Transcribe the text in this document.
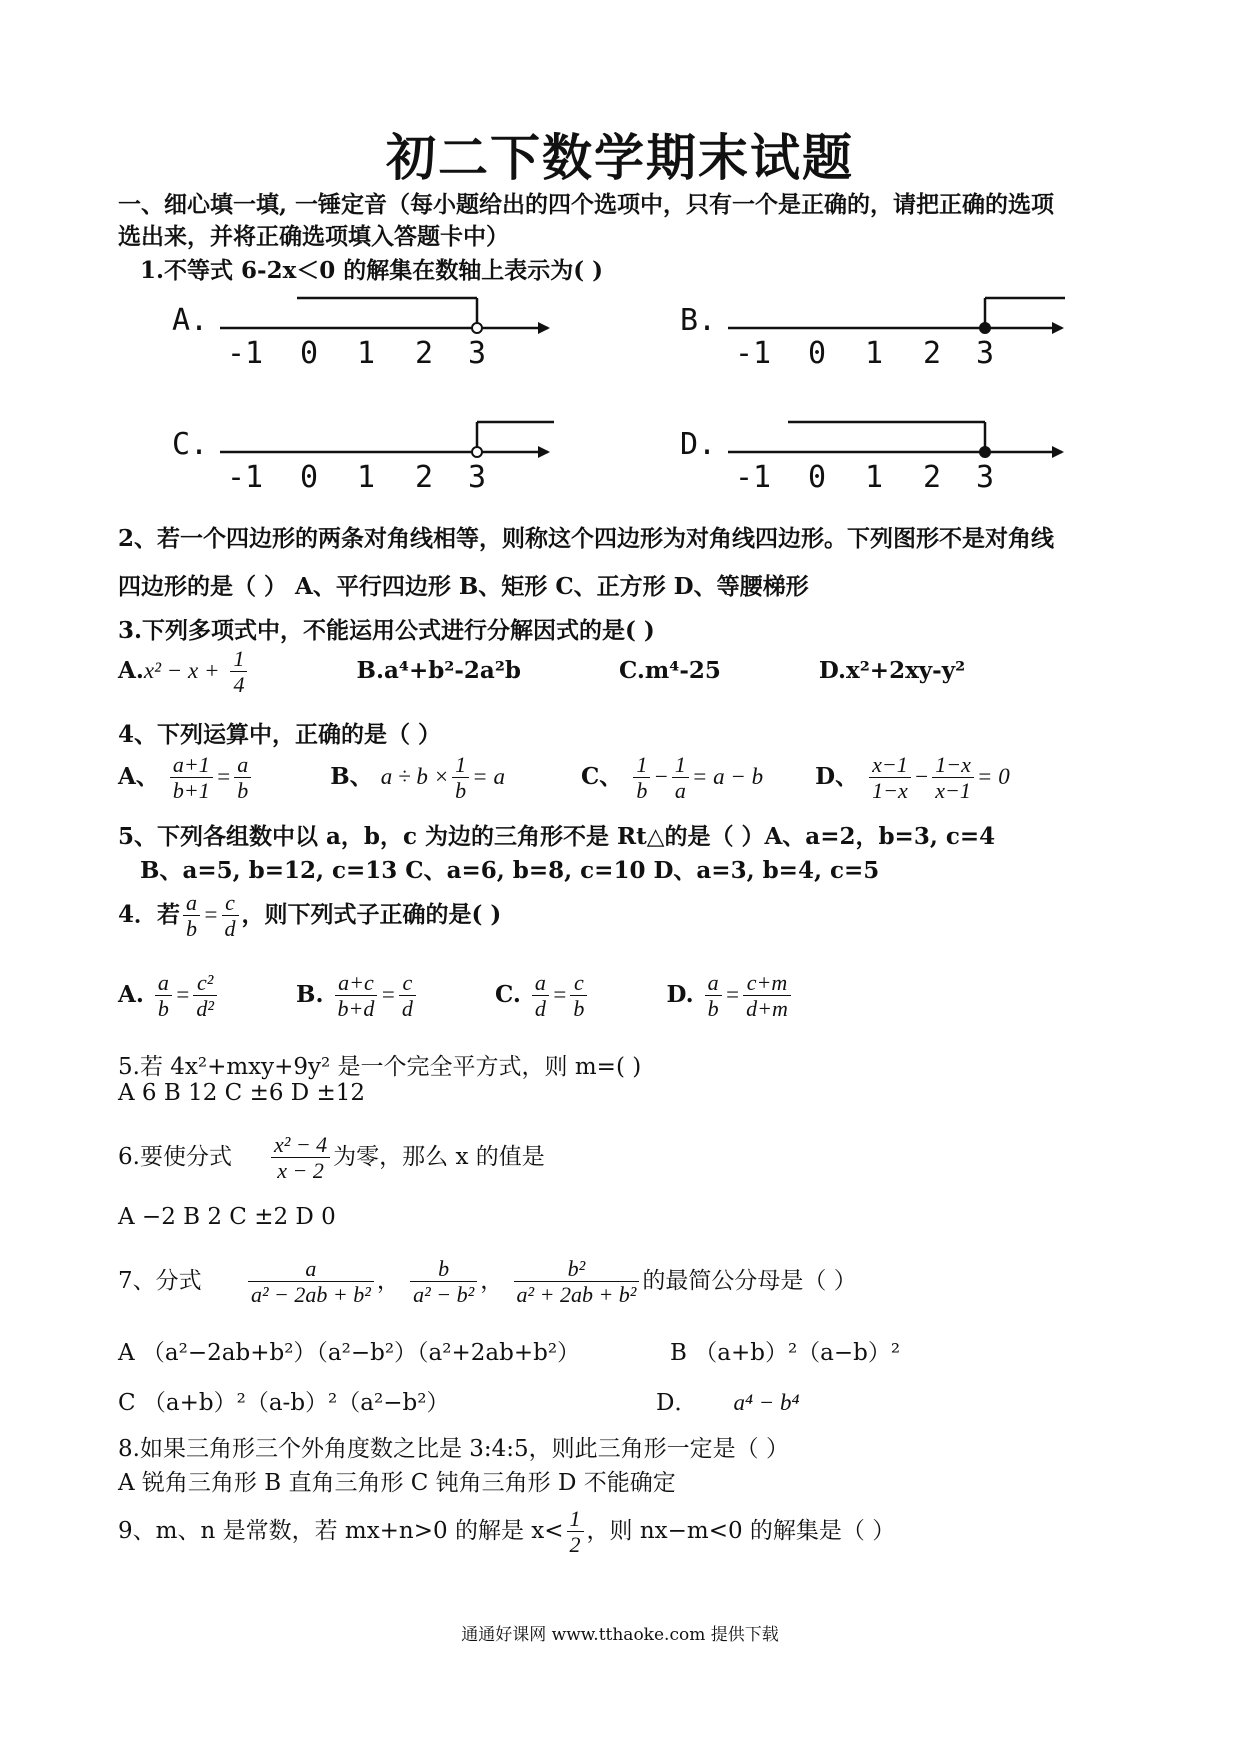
初二下数学期末试题
一、细心填一填, 一锤定音（每小题给出的四个选项中，只有一个是正确的，请把正确的选项
选出来，并将正确选项填入答题卡中）
1.不等式 6-2x＜0 的解集在数轴上表示为( )
A.
-1 0 1 2 3
B.
-1 0 1 2 3
C.
-1 0 1 2 3
D.
-1 0 1 2 3
2、若一个四边形的两条对角线相等，则称这个四边形为对角线四边形。下列图形不是对角线
四边形的是（ ） A、平行四边形 B、矩形 C、正方形 D、等腰梯形
3.下列多项式中，不能运用公式进行分解因式的是( )
$A.x^2 - x + \frac{1}{4}$	B.a⁴+b²-2a²b	C.m⁴-25	D.x²+2xy-y²
4、下列运算中，正确的是（ ）
A、 $\frac{a+1}{b+1} = \frac{a}{b}$	B、 $a \div b \times \frac{1}{b} = a$	C、 $\frac{1}{b} - \frac{1}{a} = a - b$ D、 $\frac{x-1}{1-x} - \frac{1-x}{x-1} = 0$
5、下列各组数中以 a，b，c 为边的三角形不是 Rt△的是（ ）A、a=2，b=3, c=4
B、a=5, b=12, c=13 C、a=6, b=8, c=10 D、a=3, b=4, c=5
4．若 $\frac{a}{b} = \frac{c}{d}$ ，则下列式子正确的是( )
A. $\frac{a}{b} = \frac{\text{c²}}{\text{d²}}$	B. $\frac{a+c}{b+d} = \frac{c}{d}$	C. $\frac{a}{d} = \frac{c}{b}$	D. $\frac{a}{b} = \frac{c+m}{d+m}$
5.若 4x²+mxy+9y² 是一个完全平方式，则 m=( )
A 6 B 12 C ±6 D ±12
6.要使分式 $\frac{\text{x² − 4}}{x - 2}$ 为零，那么 x 的值是
A −2 B 2 C ±2 D 0
7、分式 $\frac{a}{\text{a² − 2ab + b²}}$ ， $\frac{b}{\text{a² − b²}}$ ， $\frac{\text{b²}}{\text{a² + 2ab + b²}}$ 的最简公分母是（ ）
A （a²−2ab+b²）（a²−b²）（a²+2ab+b²）	B （a+b）²（a−b）²
C （a+b）²（a-b）²（a²−b²）	D． a⁴ − b⁴
8.如果三角形三个外角度数之比是 3:4:5，则此三角形一定是（ ）
A 锐角三角形 B 直角三角形 C 钝角三角形 D 不能确定
9、m、n 是常数，若 mx+n>0 的解是 $x< \frac{1}{2}$ ，则 nx−m<0 的解集是（ ）
通通好课网 www.tthaoke.com 提供下载
